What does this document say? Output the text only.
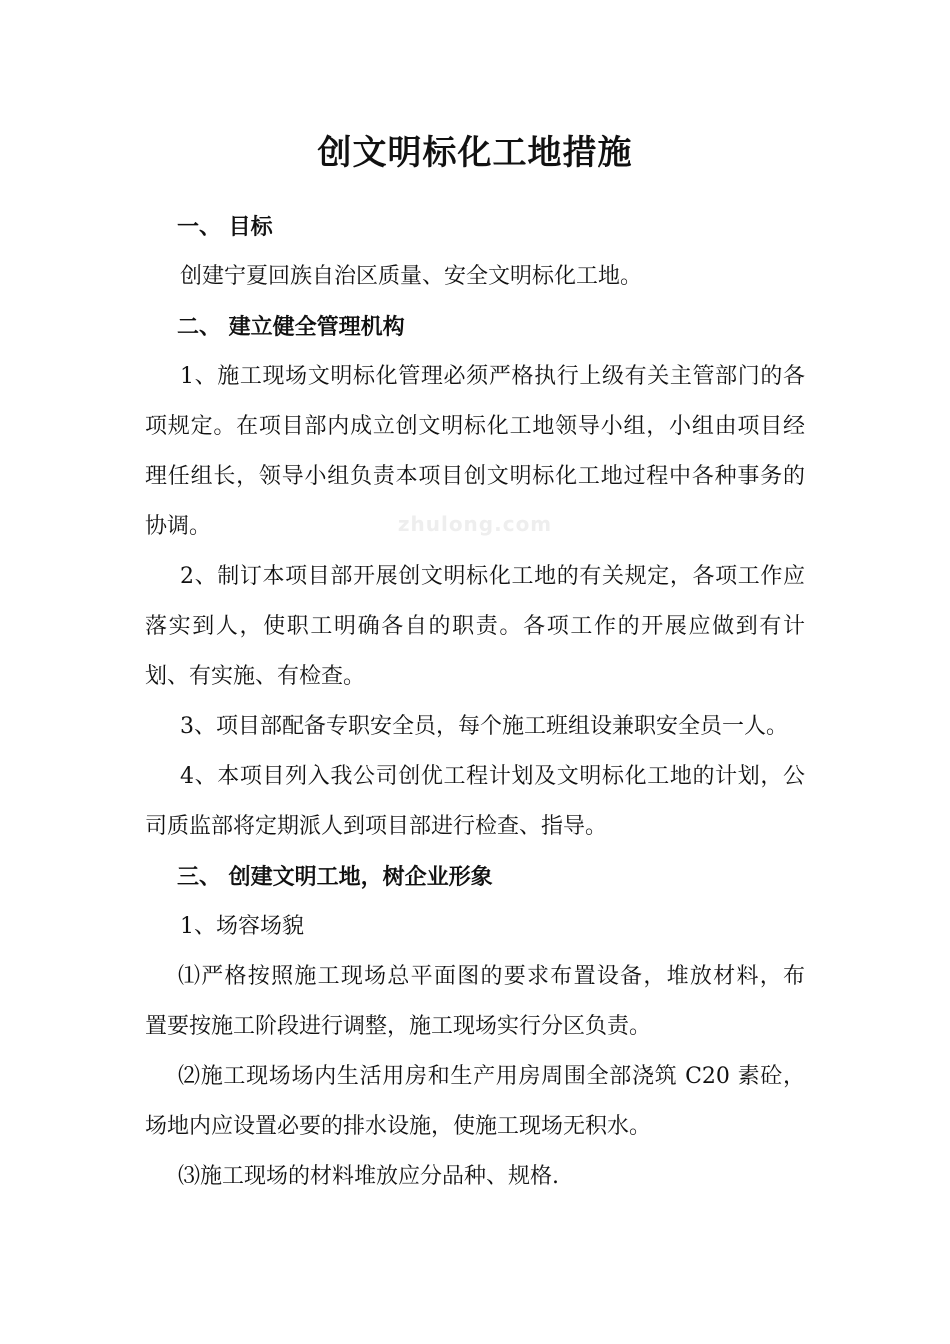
创文明标化工地措施
zhulong.com
一、 目标
创建宁夏回族自治区质量、安全文明标化工地。
二、 建立健全管理机构
1、施工现场文明标化管理必须严格执行上级有关主管部门的各
项规定。在项目部内成立创文明标化工地领导小组，小组由项目经
理任组长，领导小组负责本项目创文明标化工地过程中各种事务的
协调。
2、制订本项目部开展创文明标化工地的有关规定，各项工作应
落实到人，使职工明确各自的职责。各项工作的开展应做到有计
划、有实施、有检查。
3、项目部配备专职安全员，每个施工班组设兼职安全员一人。
4、本项目列入我公司创优工程计划及文明标化工地的计划，公
司质监部将定期派人到项目部进行检查、指导。
三、 创建文明工地，树企业形象
1、场容场貌
⑴严格按照施工现场总平面图的要求布置设备，堆放材料，布
置要按施工阶段进行调整，施工现场实行分区负责。
⑵施工现场场内生活用房和生产用房周围全部浇筑 C20 素砼，
场地内应设置必要的排水设施，使施工现场无积水。
⑶施工现场的材料堆放应分品种、规格.
